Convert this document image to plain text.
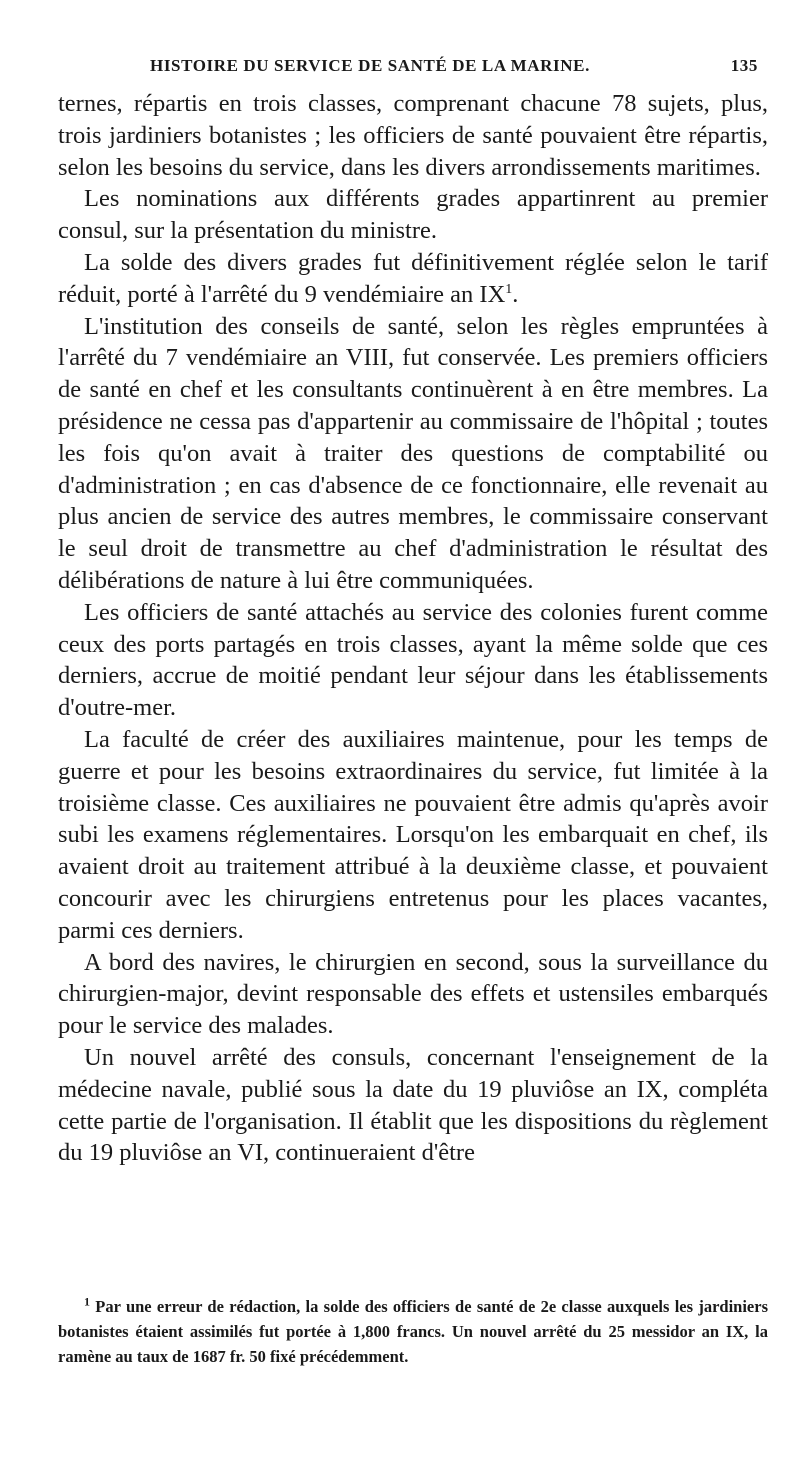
HISTOIRE DU SERVICE DE SANTÉ DE LA MARINE.	135

ternes, répartis en trois classes, comprenant chacune 78 sujets, plus, trois jardiniers botanistes ; les officiers de santé pouvaient être répartis, selon les besoins du service, dans les divers arrondissements maritimes.

Les nominations aux différents grades appartinrent au premier consul, sur la présentation du ministre.

La solde des divers grades fut définitivement réglée selon le tarif réduit, porté à l'arrêté du 9 vendémiaire an IX$^1$.

L'institution des conseils de santé, selon les règles empruntées à l'arrêté du 7 vendémiaire an VIII, fut conservée. Les premiers officiers de santé en chef et les consultants continuèrent à en être membres. La présidence ne cessa pas d'appartenir au commissaire de l'hôpital ; toutes les fois qu'on avait à traiter des questions de comptabilité ou d'administration ; en cas d'absence de ce fonctionnaire, elle revenait au plus ancien de service des autres membres, le commissaire conservant le seul droit de transmettre au chef d'administration le résultat des délibérations de nature à lui être communiquées.

Les officiers de santé attachés au service des colonies furent comme ceux des ports partagés en trois classes, ayant la même solde que ces derniers, accrue de moitié pendant leur séjour dans les établissements d'outre-mer.

La faculté de créer des auxiliaires maintenue, pour les temps de guerre et pour les besoins extraordinaires du service, fut limitée à la troisième classe. Ces auxiliaires ne pouvaient être admis qu'après avoir subi les examens réglementaires. Lorsqu'on les embarquait en chef, ils avaient droit au traitement attribué à la deuxième classe, et pouvaient concourir avec les chirurgiens entretenus pour les places vacantes, parmi ces derniers.

A bord des navires, le chirurgien en second, sous la surveillance du chirurgien-major, devint responsable des effets et ustensiles embarqués pour le service des malades.

Un nouvel arrêté des consuls, concernant l'enseignement de la médecine navale, publié sous la date du 19 pluviôse an IX, compléta cette partie de l'organisation. Il établit que les dispositions du règlement du 19 pluviôse an VI, continueraient d'être

$^1$ Par une erreur de rédaction, la solde des officiers de santé de 2e classe auxquels les jardiniers botanistes étaient assimilés fut portée à 1,800 francs. Un nouvel arrêté du 25 messidor an IX, la ramène au taux de 1687 fr. 50 fixé précédemment.
